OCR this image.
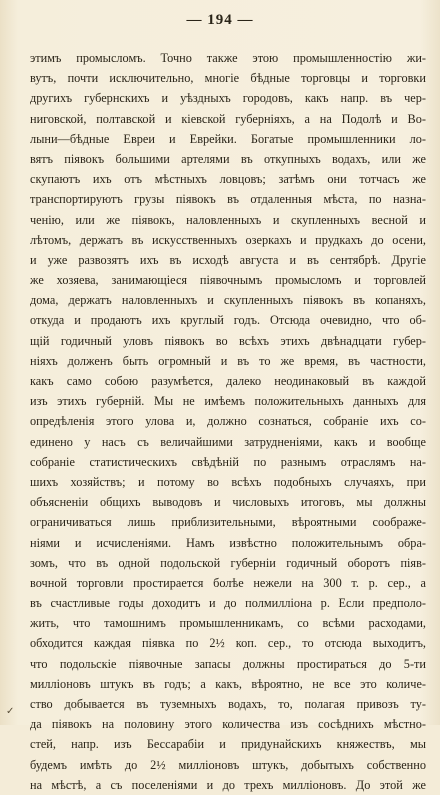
— 194 —
этимъ промысломъ. Точно также этою промышленностію жи-
вутъ, почти исключительно, многіе бѣдные торговцы и торговки
другихъ губернскихъ и уѣздныхъ городовъ, какъ напр. въ чер-
ниговской, полтавской и кіевской губерніяхъ, а на Подолѣ и Во-
лыни—бѣдные Евреи и Еврейки. Богатые промышленники ло-
вятъ піявокъ большими артелями въ откупныхъ водахъ, или же
скупаютъ ихъ отъ мѣстныхъ ловцовъ; затѣмъ они тотчасъ же
транспортируютъ грузы піявокъ въ отдаленныя мѣста, по назна-
ченію, или же піявокъ, наловленныхъ и скупленныхъ весной и
лѣтомъ, держатъ въ искусственныхъ озеркахъ и прудкахъ до осени,
и уже развозятъ ихъ въ исходѣ августа и въ сентябрѣ. Другіе
же хозяева, занимающіеся піявочнымъ промысломъ и торговлей
дома, держатъ наловленныхъ и скупленныхъ піявокъ въ копаняхъ,
откуда и продаютъ ихъ круглый годъ. Отсюда очевидно, что об-
щій годичный уловъ піявокъ во всѣхъ этихъ двѣнадцати губер-
ніяхъ долженъ быть огромный и въ то же время, въ частности,
какъ само собою разумѣется, далеко неодинаковый въ каждой
изъ этихъ губерній. Мы не имѣемъ положительныхъ данныхъ для
опредѣленія этого улова и, должно сознаться, собраніе ихъ со-
единено у насъ съ величайшими затрудненіями, какъ и вообще
собраніе статистическихъ свѣдѣній по разнымъ отраслямъ на-
шихъ хозяйствъ; и потому во всѣхъ подобныхъ случаяхъ, при
объясненіи общихъ выводовъ и числовыхъ итоговъ, мы должны
ограничиваться лишь приблизительными, вѣроятными соображе-
ніями и исчисленіями. Намъ извѣстно положительнымъ обра-
зомъ, что въ одной подольской губерніи годичный оборотъ піяв-
вочной торговли простирается болѣе нежели на 300 т. р. сер., а
въ счастливые годы доходитъ и до полмилліона р. Если предполо-
жить, что тамошнимъ промышленникамъ, со всѣми расходами,
обходится каждая піявка по 2½ коп. сер., то отсюда выходитъ,
что подольскіе піявочные запасы должны простираться до 5-ти
милліоновъ штукъ въ годъ; а какъ, вѣроятно, не все это количе-
ство добывается въ туземныхъ водахъ, то, полагая привозъ ту-
да піявокъ на половину этого количества изъ сосѣднихъ мѣстно-
стей, напр. изъ Бессарабіи и придунайскихъ княжествъ, мы
будемъ имѣть до 2½ милліоновъ штукъ, добытыхъ собственно
на мѣстѣ, а съ поселеніями и до трехъ милліоновъ. До этой же
✓
